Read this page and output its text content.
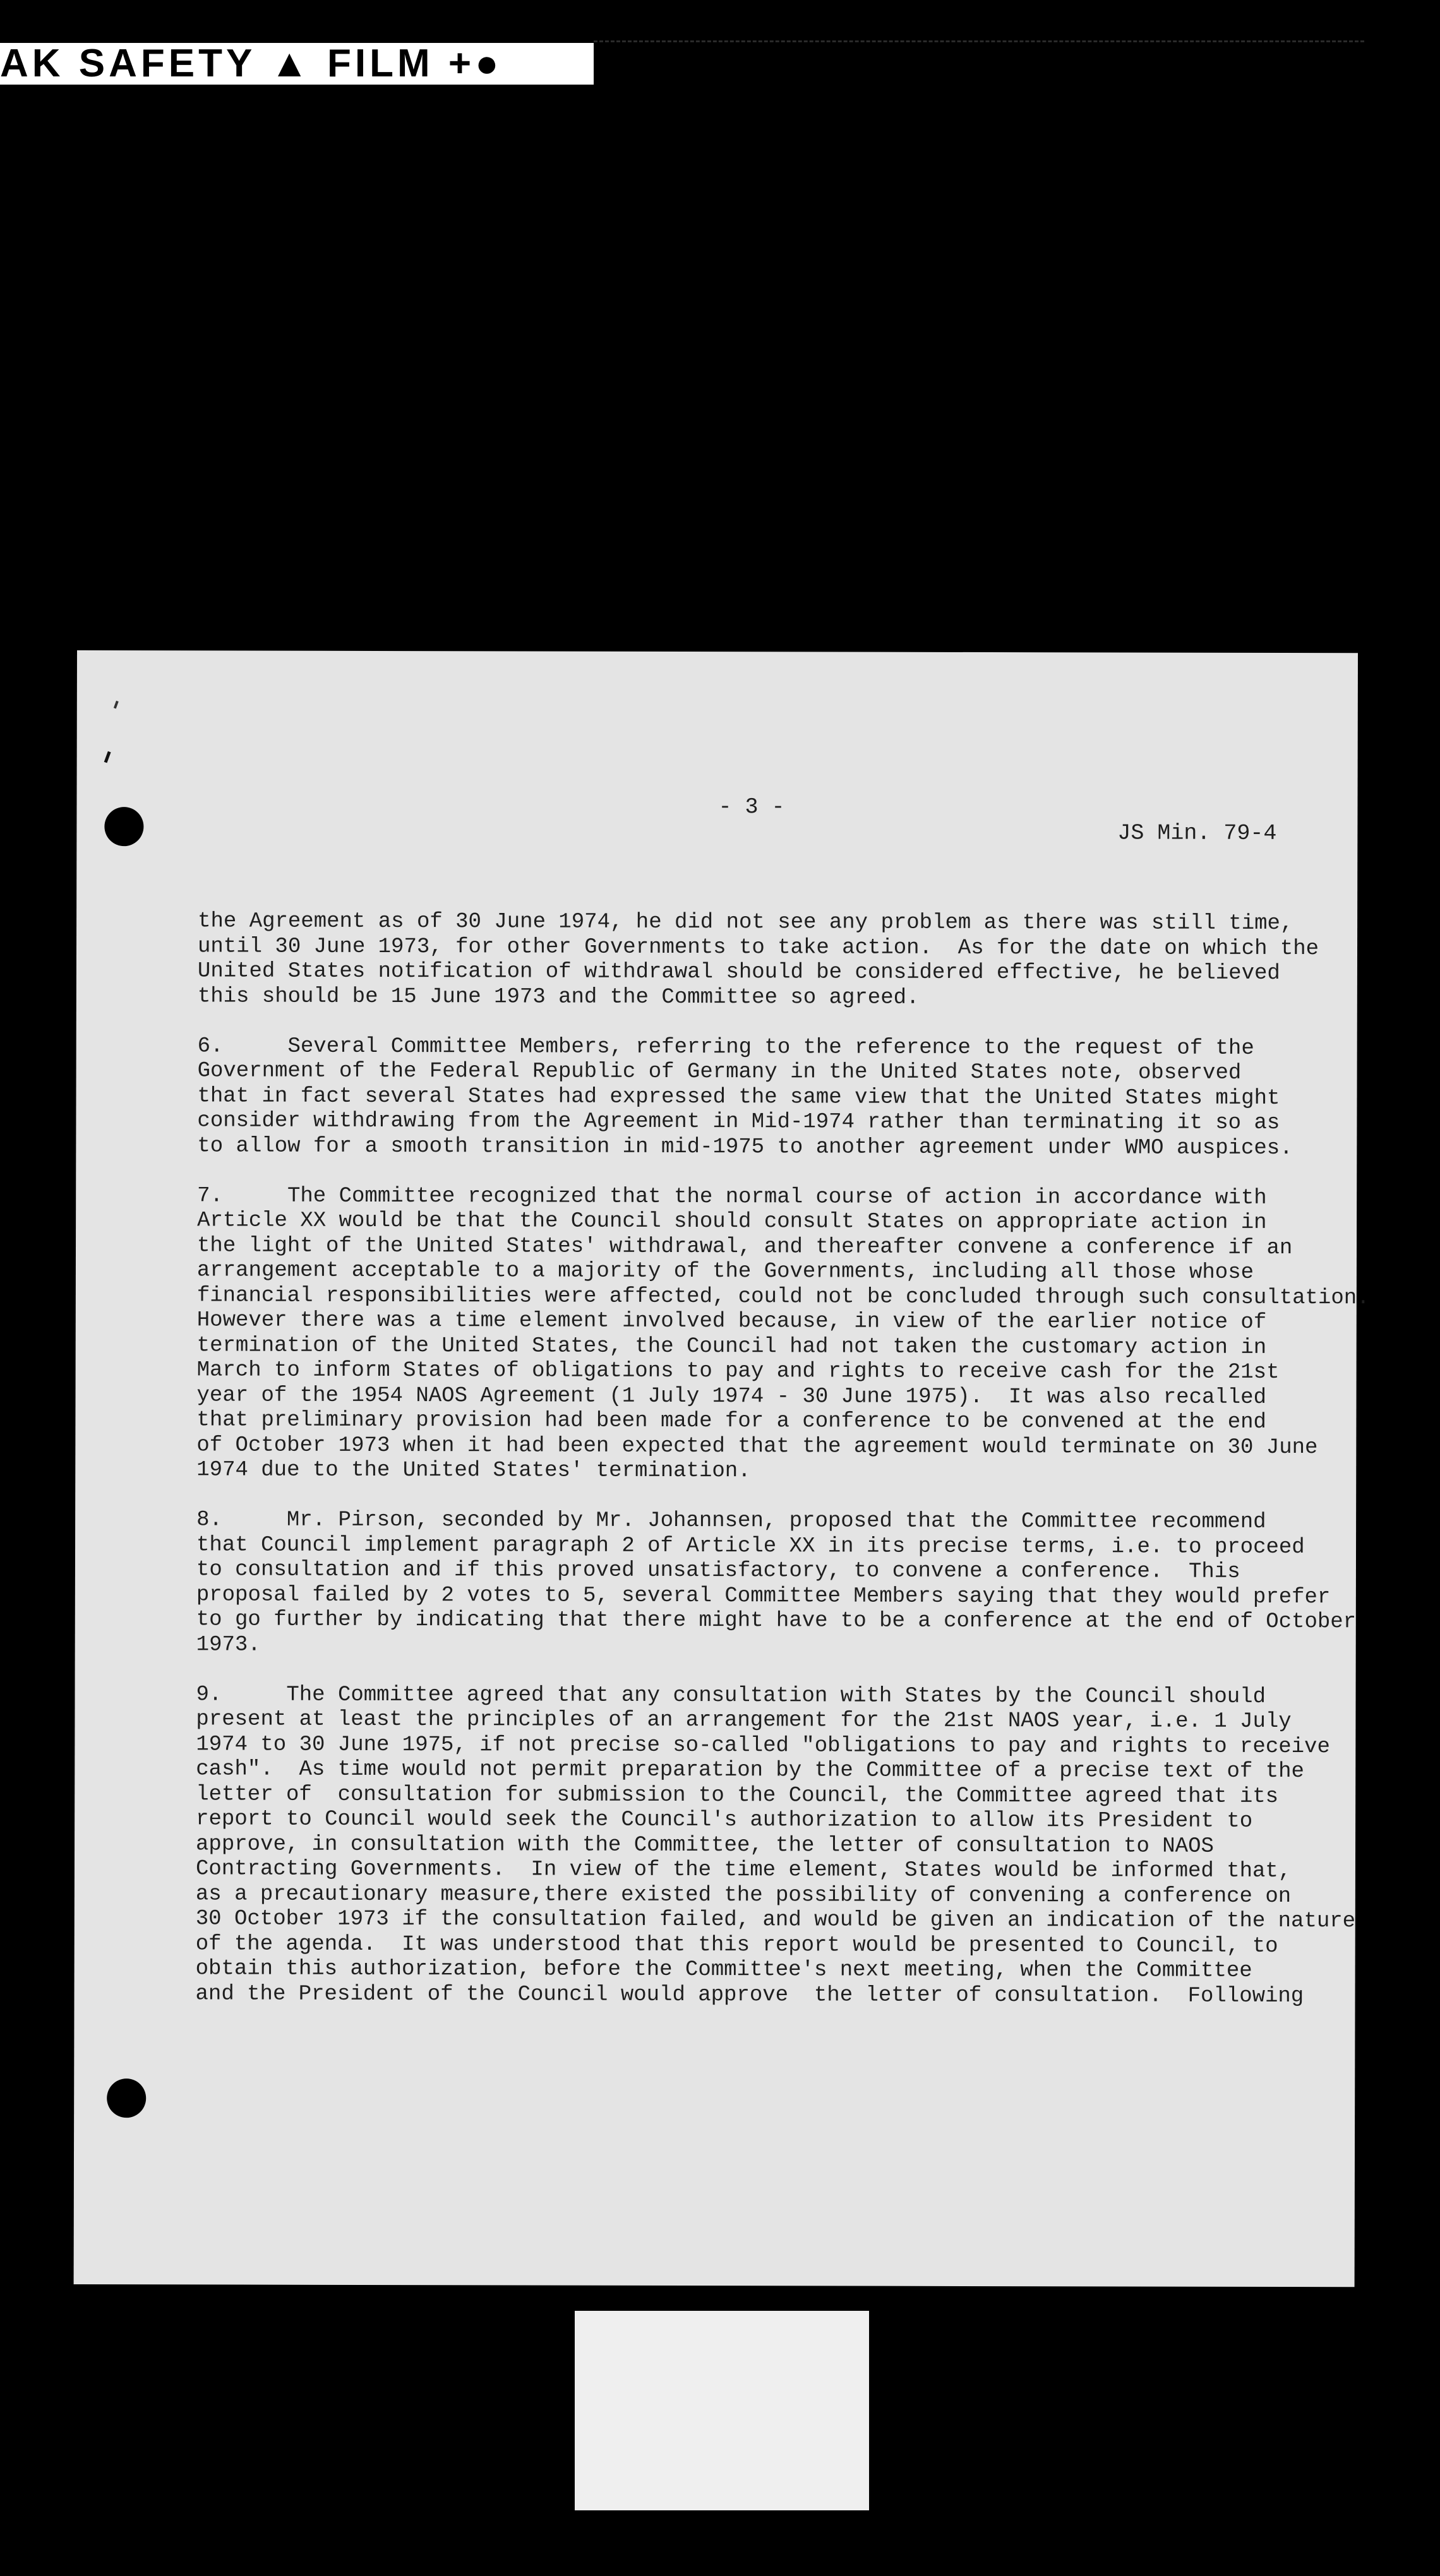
AK SAFETY ▲ FILM +●

- 3 -

JS Min. 79-4

the Agreement as of 30 June 1974, he did not see any problem as there was still time,
until 30 June 1973, for other Governments to take action.  As for the date on which the
United States notification of withdrawal should be considered effective, he believed
this should be 15 June 1973 and the Committee so agreed.
6.     Several Committee Members, referring to the reference to the request of the
Government of the Federal Republic of Germany in the United States note, observed
that in fact several States had expressed the same view that the United States might
consider withdrawing from the Agreement in Mid-1974 rather than terminating it so as
to allow for a smooth transition in mid-1975 to another agreement under WMO auspices.
7.     The Committee recognized that the normal course of action in accordance with
Article XX would be that the Council should consult States on appropriate action in
the light of the United States' withdrawal, and thereafter convene a conference if an
arrangement acceptable to a majority of the Governments, including all those whose
financial responsibilities were affected, could not be concluded through such consultation.
However there was a time element involved because, in view of the earlier notice of
termination of the United States, the Council had not taken the customary action in
March to inform States of obligations to pay and rights to receive cash for the 21st
year of the 1954 NAOS Agreement (1 July 1974 - 30 June 1975).  It was also recalled
that preliminary provision had been made for a conference to be convened at the end
of October 1973 when it had been expected that the agreement would terminate on 30 June
1974 due to the United States' termination.
8.     Mr. Pirson, seconded by Mr. Johannsen, proposed that the Committee recommend
that Council implement paragraph 2 of Article XX in its precise terms, i.e. to proceed
to consultation and if this proved unsatisfactory, to convene a conference.  This
proposal failed by 2 votes to 5, several Committee Members saying that they would prefer
to go further by indicating that there might have to be a conference at the end of October
1973.
9.     The Committee agreed that any consultation with States by the Council should
present at least the principles of an arrangement for the 21st NAOS year, i.e. 1 July
1974 to 30 June 1975, if not precise so-called "obligations to pay and rights to receive
cash".  As time would not permit preparation by the Committee of a precise text of the
letter of  consultation for submission to the Council, the Committee agreed that its
report to Council would seek the Council's authorization to allow its President to
approve, in consultation with the Committee, the letter of consultation to NAOS
Contracting Governments.  In view of the time element, States would be informed that,
as a precautionary measure,there existed the possibility of convening a conference on
30 October 1973 if the consultation failed, and would be given an indication of the nature
of the agenda.  It was understood that this report would be presented to Council, to
obtain this authorization, before the Committee's next meeting, when the Committee
and the President of the Council would approve  the letter of consultation.  Following
